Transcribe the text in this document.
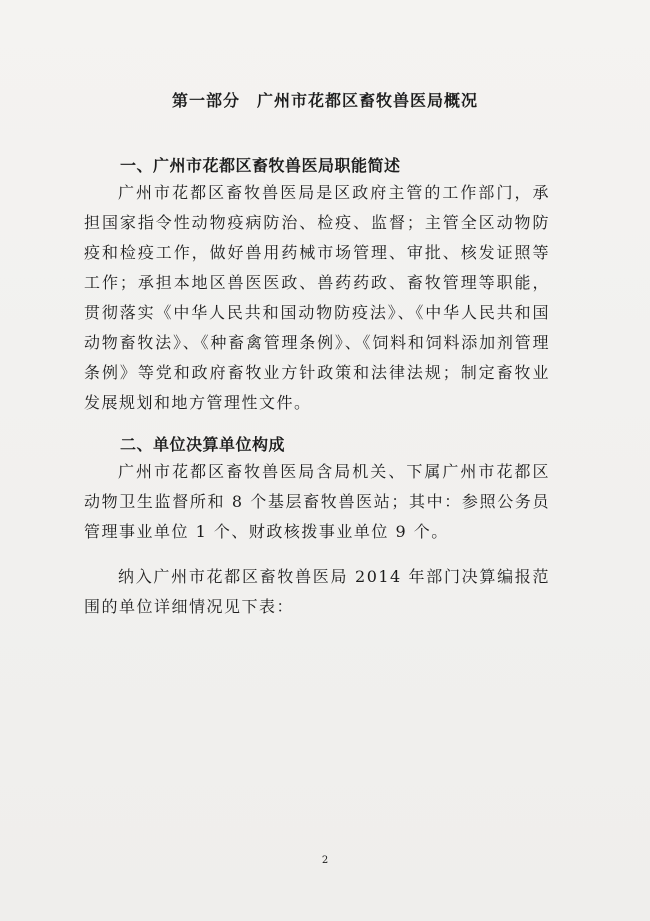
第一部分　广州市花都区畜牧兽医局概况
一、广州市花都区畜牧兽医局职能简述

广州市花都区畜牧兽医局是区政府主管的工作部门，承担国家指令性动物疫病防治、检疫、监督；主管全区动物防疫和检疫工作，做好兽用药械市场管理、审批、核发证照等工作；承担本地区兽医医政、兽药药政、畜牧管理等职能，贯彻落实《中华人民共和国动物防疫法》、《中华人民共和国动物畜牧法》、《种畜禽管理条例》、《饲料和饲料添加剂管理条例》等党和政府畜牧业方针政策和法律法规；制定畜牧业发展规划和地方管理性文件。

二、单位决算单位构成

广州市花都区畜牧兽医局含局机关、下属广州市花都区动物卫生监督所和 8 个基层畜牧兽医站；其中：参照公务员管理事业单位 1 个、财政核拨事业单位 9 个。

纳入广州市花都区畜牧兽医局 2014 年部门决算编报范围的单位详细情况见下表：

2
